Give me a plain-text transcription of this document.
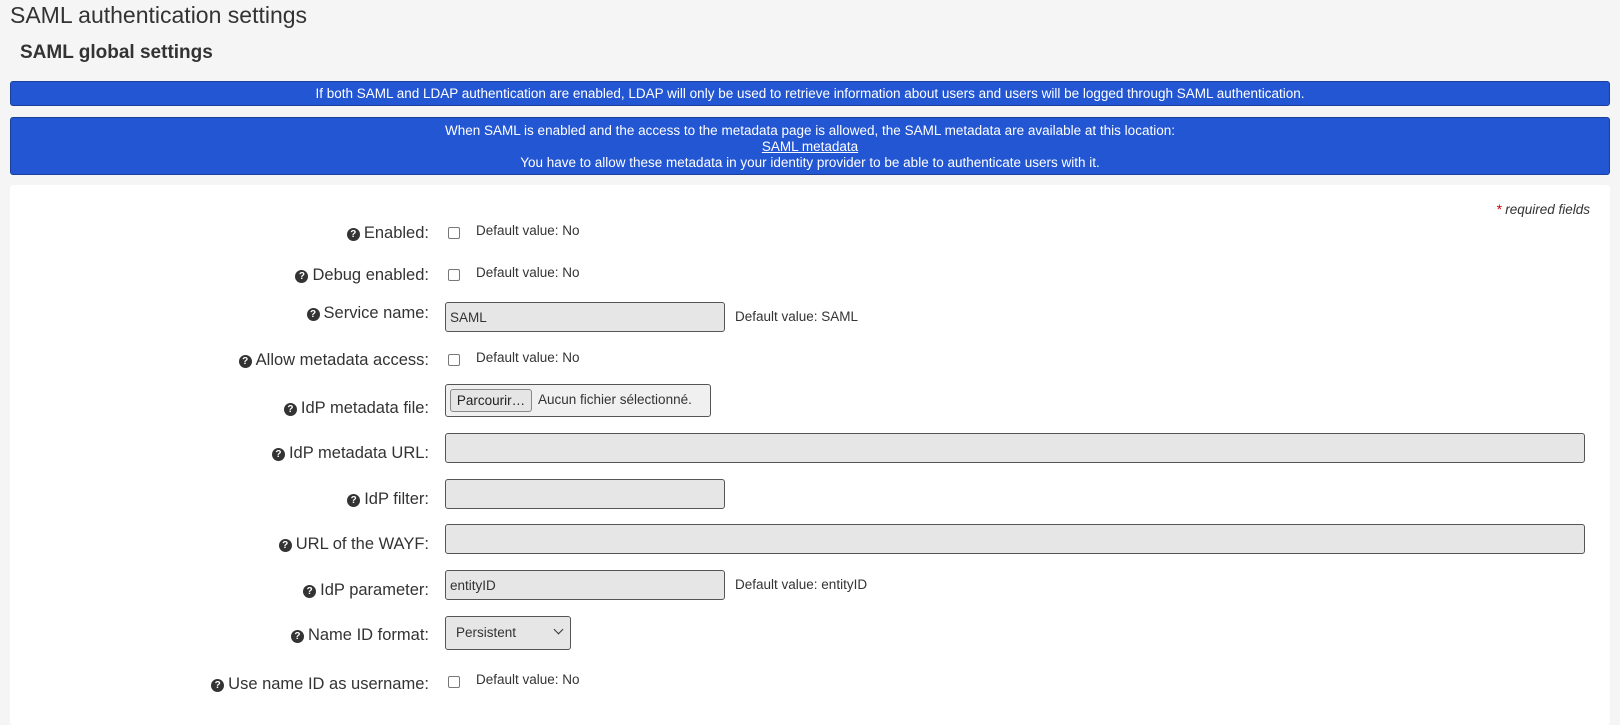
SAML authentication settings
SAML global settings
If both SAML and LDAP authentication are enabled, LDAP will only be used to retrieve information about users and users will be logged through SAML authentication.
When SAML is enabled and the access to the metadata page is allowed, the SAML metadata are available at this location:
SAML metadata
You have to allow these metadata in your identity provider to be able to authenticate users with it.
* required fields
? Enabled:	Default value: No
? Debug enabled:	Default value: No
? Service name:
SAML	Default value: SAML
? Allow metadata access:	Default value: No
? IdP metadata file:	Parcourir… Aucun fichier sélectionné.
? IdP metadata URL:
? IdP filter:
? URL of the WAYF:
? IdP parameter:
entityID	Default value: entityID
? Name ID format: Persistent
? Use name ID as username:	Default value: No
